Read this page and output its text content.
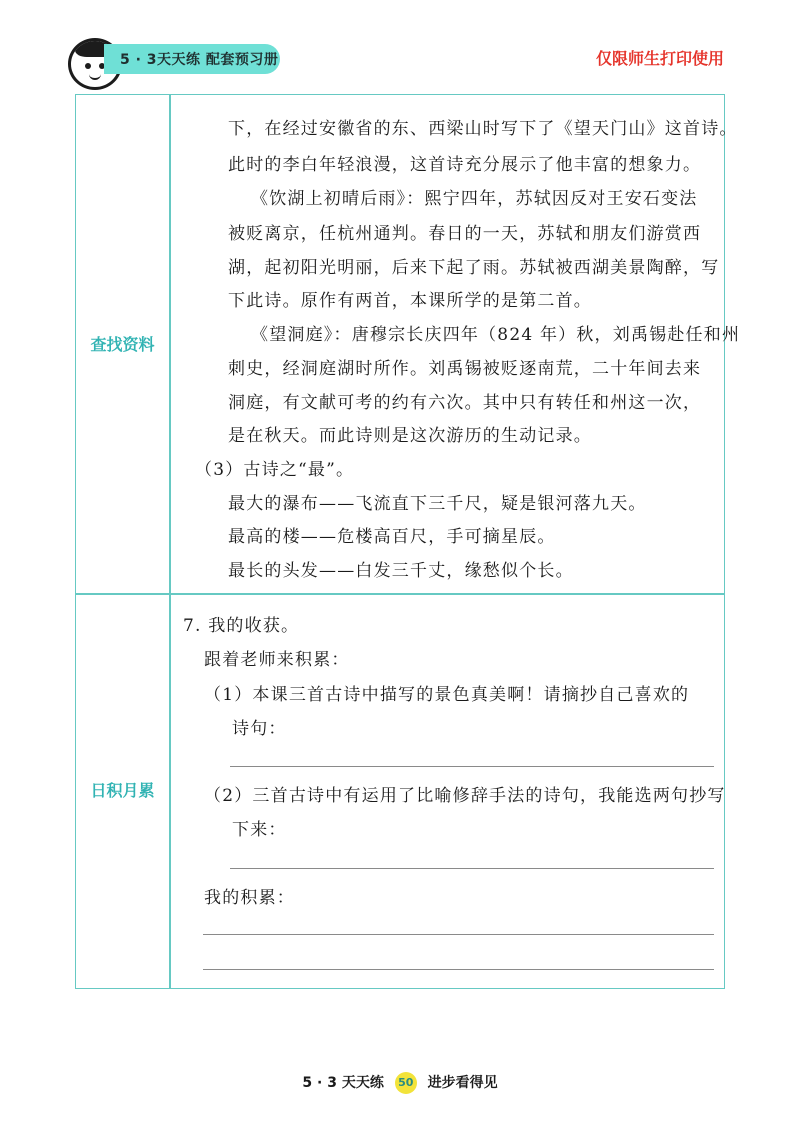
5 · 3天天练 配套预习册	仅限师生打印使用
查找资料
日积月累
下，在经过安徽省的东、西梁山时写下了《望天门山》这首诗。
此时的李白年轻浪漫，这首诗充分展示了他丰富的想象力。
《饮湖上初晴后雨》：熙宁四年，苏轼因反对王安石变法
被贬离京，任杭州通判。春日的一天，苏轼和朋友们游赏西
湖，起初阳光明丽，后来下起了雨。苏轼被西湖美景陶醉，写
下此诗。原作有两首，本课所学的是第二首。
《望洞庭》：唐穆宗长庆四年（824 年）秋，刘禹锡赴任和州
刺史，经洞庭湖时所作。刘禹锡被贬逐南荒，二十年间去来
洞庭，有文献可考的约有六次。其中只有转任和州这一次，
是在秋天。而此诗则是这次游历的生动记录。
（3）古诗之“最”。
最大的瀑布——飞流直下三千尺，疑是银河落九天。
最高的楼——危楼高百尺，手可摘星辰。
最长的头发——白发三千丈，缘愁似个长。
7. 我的收获。
跟着老师来积累：
（1）本课三首古诗中描写的景色真美啊！请摘抄自己喜欢的
诗句：
（2）三首古诗中有运用了比喻修辞手法的诗句，我能选两句抄写
下来：
我的积累：
5 · 3 天天练 50 进步看得见
